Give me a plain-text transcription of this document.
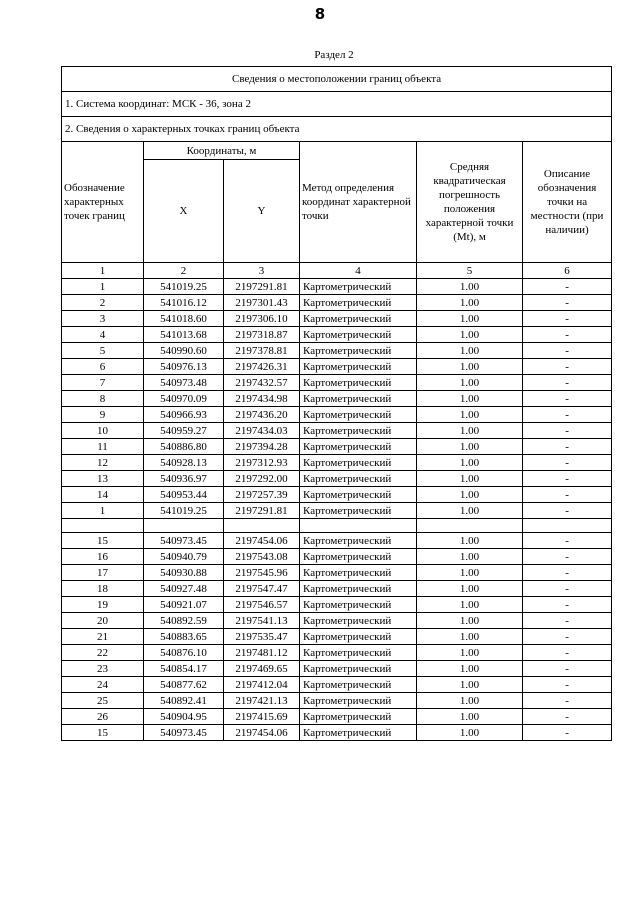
8
Раздел 2
Сведения о местоположении границ объекта					
1. Система координат: МСК - 36, зона 2					
2. Сведения о характерных точках границ объекта					
Обозначение характерных точек границ	Координаты, м		Метод определения координат характерной точки	Средняя квадратическая погрешность положения характерной точки (Mt), м	Описание обозначения точки на местности (при наличии)
	X	Y			
1	2	3	4	5	6
1	541019.25	2197291.81	Картометрический	1.00	-
2	541016.12	2197301.43	Картометрический	1.00	-
3	541018.60	2197306.10	Картометрический	1.00	-
4	541013.68	2197318.87	Картометрический	1.00	-
5	540990.60	2197378.81	Картометрический	1.00	-
6	540976.13	2197426.31	Картометрический	1.00	-
7	540973.48	2197432.57	Картометрический	1.00	-
8	540970.09	2197434.98	Картометрический	1.00	-
9	540966.93	2197436.20	Картометрический	1.00	-
10	540959.27	2197434.03	Картометрический	1.00	-
11	540886.80	2197394.28	Картометрический	1.00	-
12	540928.13	2197312.93	Картометрический	1.00	-
13	540936.97	2197292.00	Картометрический	1.00	-
14	540953.44	2197257.39	Картометрический	1.00	-
1	541019.25	2197291.81	Картометрический	1.00	-

15	540973.45	2197454.06	Картометрический	1.00	-
16	540940.79	2197543.08	Картометрический	1.00	-
17	540930.88	2197545.96	Картометрический	1.00	-
18	540927.48	2197547.47	Картометрический	1.00	-
19	540921.07	2197546.57	Картометрический	1.00	-
20	540892.59	2197541.13	Картометрический	1.00	-
21	540883.65	2197535.47	Картометрический	1.00	-
22	540876.10	2197481.12	Картометрический	1.00	-
23	540854.17	2197469.65	Картометрический	1.00	-
24	540877.62	2197412.04	Картометрический	1.00	-
25	540892.41	2197421.13	Картометрический	1.00	-
26	540904.95	2197415.69	Картометрический	1.00	-
15	540973.45	2197454.06	Картометрический	1.00	-
